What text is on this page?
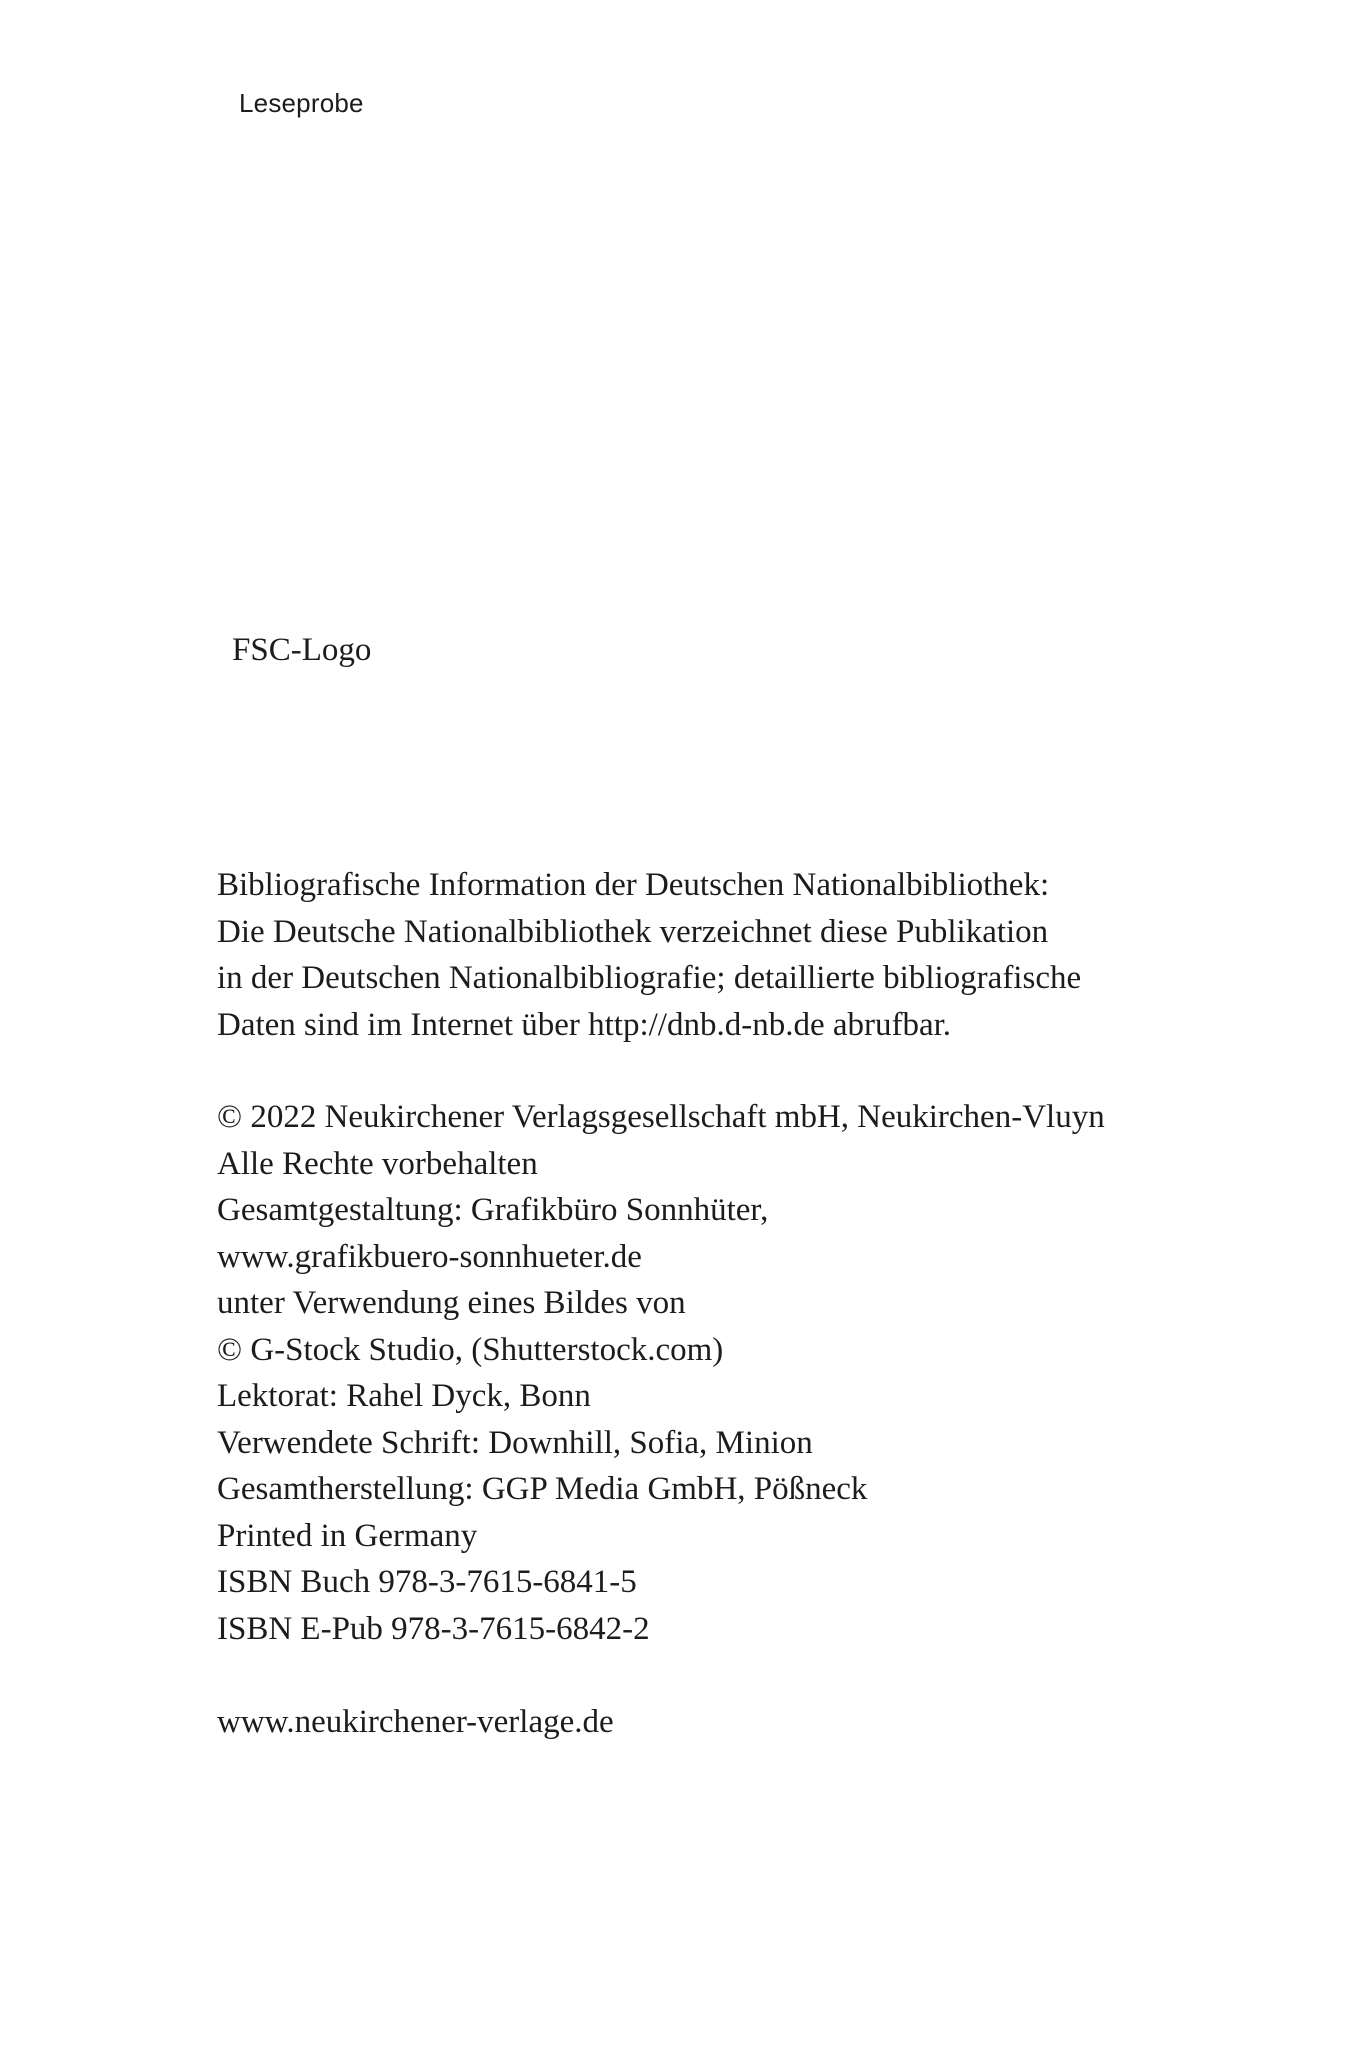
Leseprobe

FSC-Logo

Bibliografische Information der Deutschen Nationalbibliothek:
Die Deutsche Nationalbibliothek verzeichnet diese Publikation
in der Deutschen Nationalbibliografie; detaillierte bibliografische
Daten sind im Internet über http://dnb.d-nb.de abrufbar.
© 2022 Neukirchener Verlagsgesellschaft mbH, Neukirchen-Vluyn
Alle Rechte vorbehalten
Gesamtgestaltung: Grafikbüro Sonnhüter,
www.grafikbuero-sonnhueter.de
unter Verwendung eines Bildes von
© G-Stock Studio, (Shutterstock.com)
Lektorat: Rahel Dyck, Bonn
Verwendete Schrift: Downhill, Sofia, Minion
Gesamtherstellung: GGP Media GmbH, Pößneck
Printed in Germany
ISBN Buch 978-3-7615-6841-5
ISBN E-Pub 978-3-7615-6842-2

www.neukirchener-verlage.de
